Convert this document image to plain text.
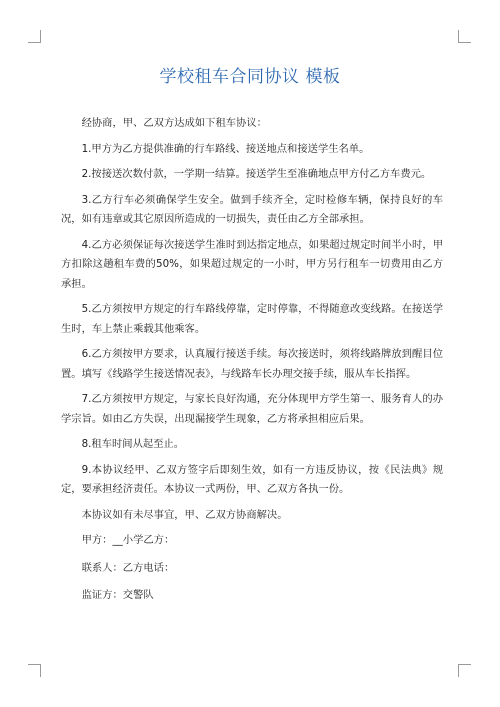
学校租车合同协议 模板

经协商，甲、乙双方达成如下租车协议：

1.甲方为乙方提供准确的行车路线、接送地点和接送学生名单。

2.按接送次数付款，一学期一结算。接送学生至准确地点甲方付乙方车费元。

3.乙方行车必须确保学生安全。做到手续齐全，定时检修车辆，保持良好的车况，如有违章或其它原因所造成的一切损失，责任由乙方全部承担。

4.乙方必须保证每次接送学生准时到达指定地点，如果超过规定时间半小时，甲方扣除这趟租车费的50%，如果超过规定的一小时，甲方另行租车一切费用由乙方承担。

5.乙方须按甲方规定的行车路线停靠，定时停靠，不得随意改变线路。在接送学生时，车上禁止乘载其他乘客。

6.乙方须按甲方要求，认真履行接送手续。每次接送时，须将线路牌放到醒目位置。填写《线路学生接送情况表》，与线路车长办理交接手续，服从车长指挥。

7.乙方须按甲方规定，与家长良好沟通，充分体现甲方学生第一、服务育人的办学宗旨。如由乙方失误，出现漏接学生现象，乙方将承担相应后果。

8.租车时间从起至止。

9.本协议经甲、乙双方签字后即刻生效，如有一方违反协议，按《民法典》规定，要承担经济责任。本协议一式两份，甲、乙双方各执一份。

本协议如有未尽事宜，甲、乙双方协商解决。

甲方：__小学乙方：

联系人：乙方电话：

监证方：交警队
